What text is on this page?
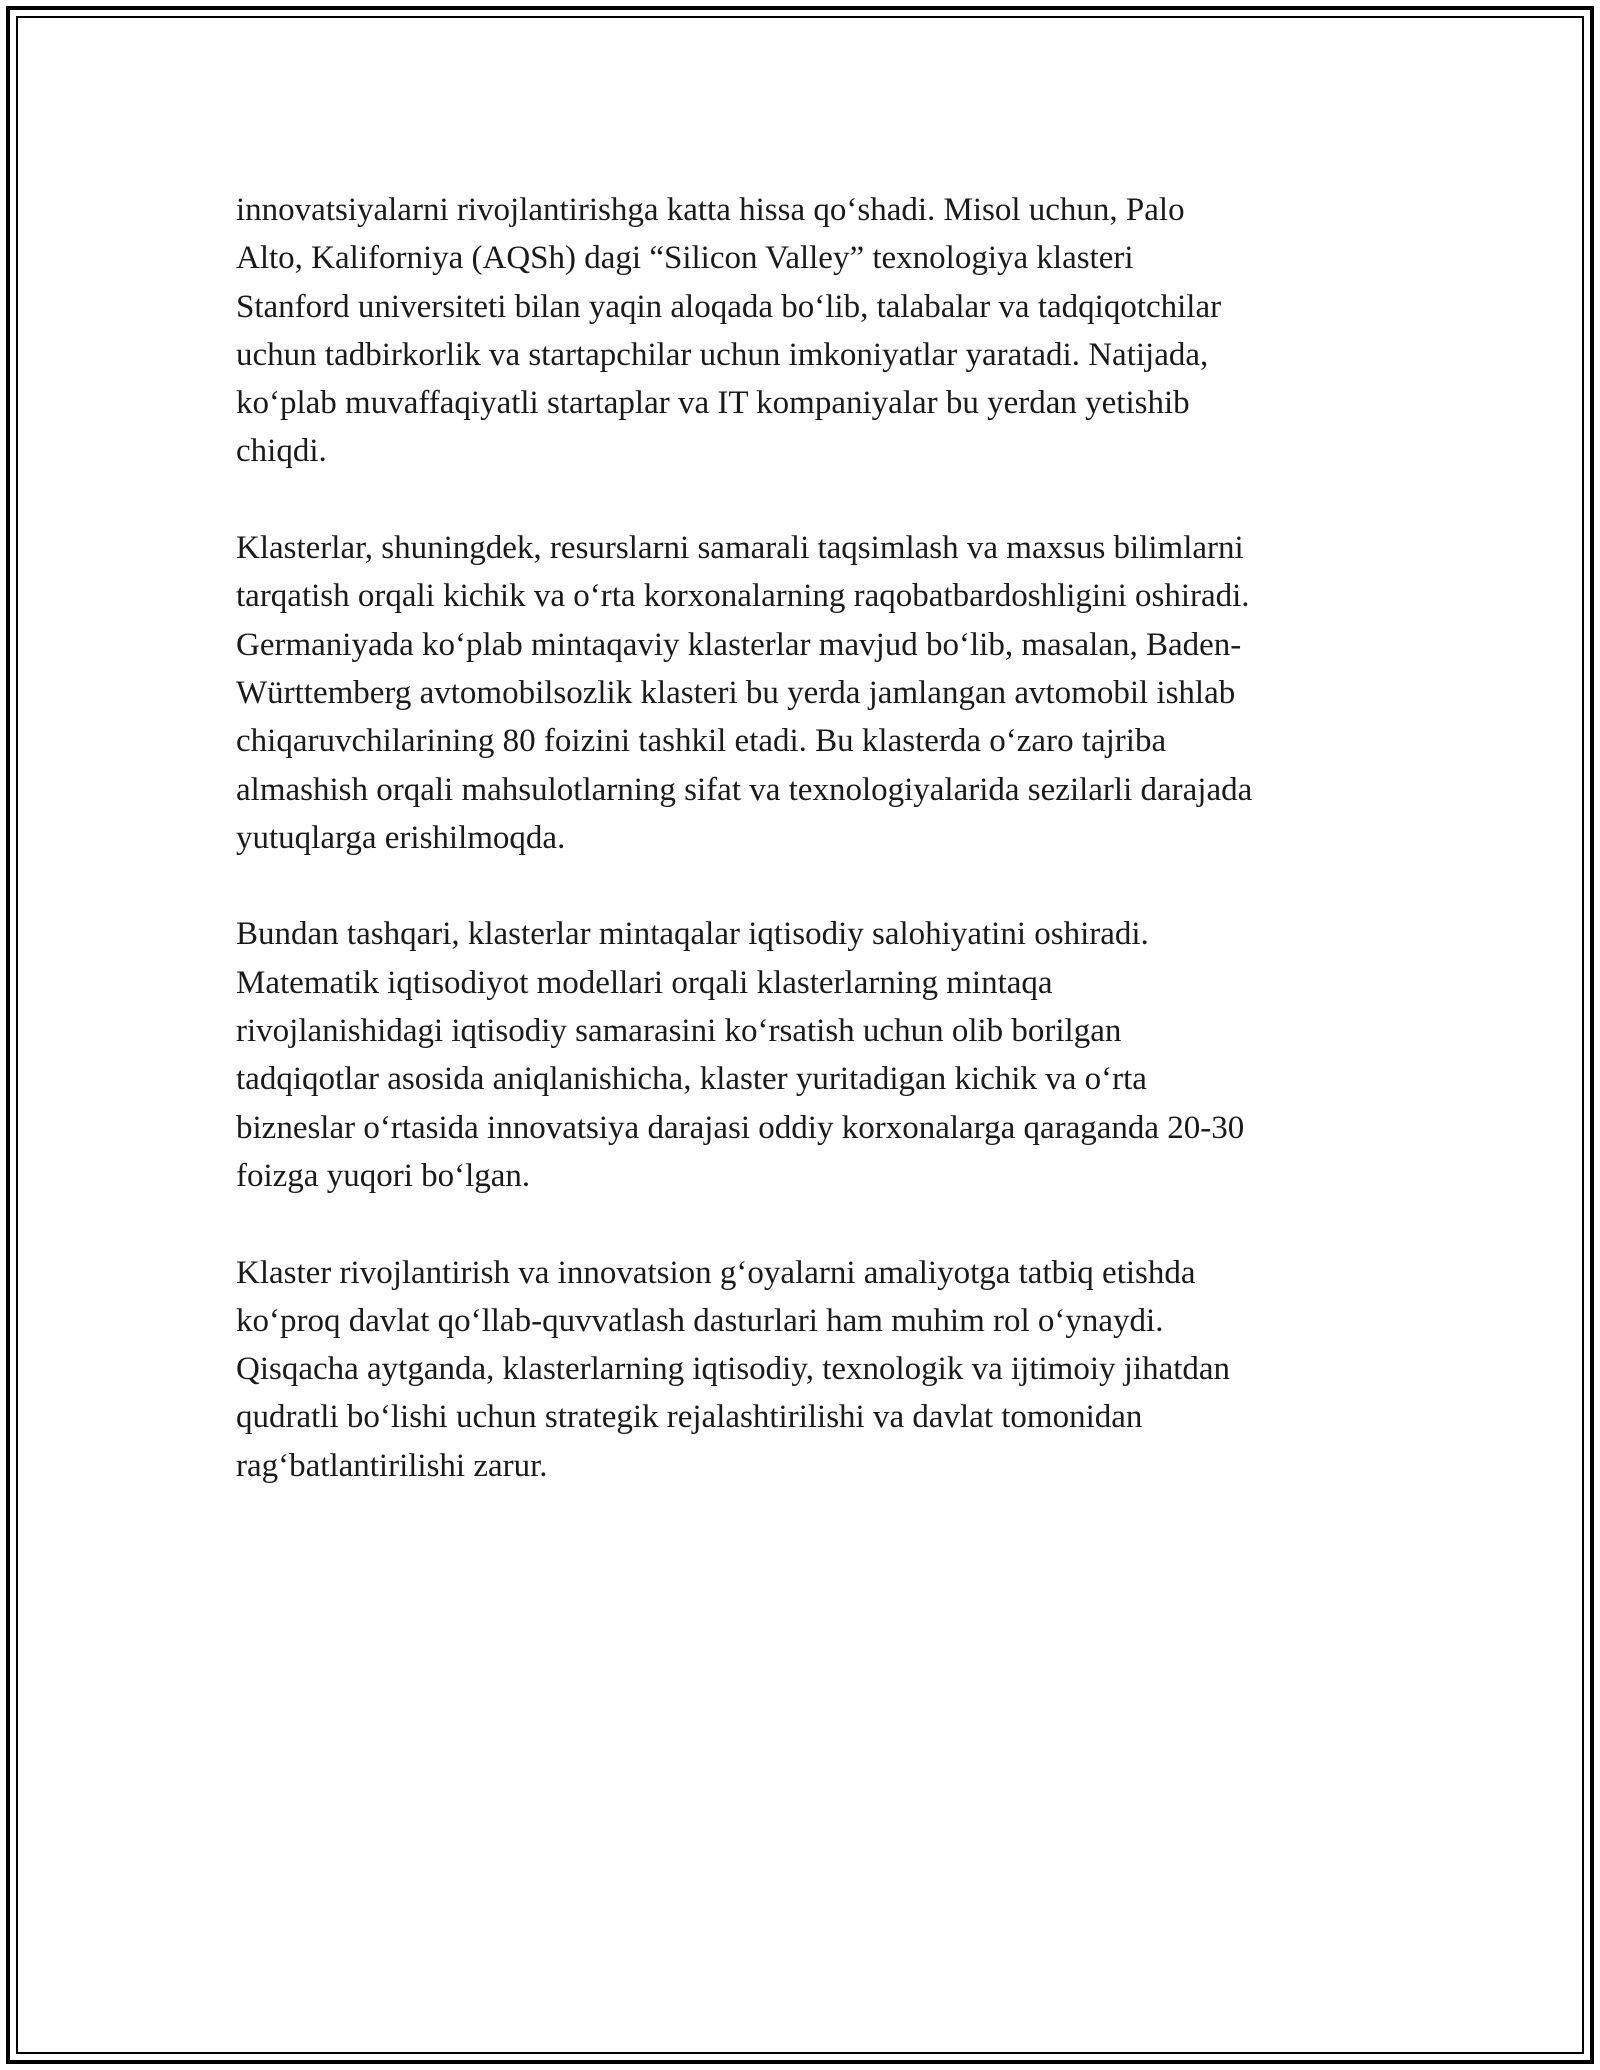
innovatsiyalarni rivojlantirishga katta hissa qo‘shadi. Misol uchun, Palo
Alto, Kaliforniya (AQSh) dagi “Silicon Valley” texnologiya klasteri
Stanford universiteti bilan yaqin aloqada bo‘lib, talabalar va tadqiqotchilar
uchun tadbirkorlik va startapchilar uchun imkoniyatlar yaratadi. Natijada,
ko‘plab muvaffaqiyatli startaplar va IT kompaniyalar bu yerdan yetishib
chiqdi.

Klasterlar, shuningdek, resurslarni samarali taqsimlash va maxsus bilimlarni
tarqatish orqali kichik va o‘rta korxonalarning raqobatbardoshligini oshiradi.
Germaniyada ko‘plab mintaqaviy klasterlar mavjud bo‘lib, masalan, Baden-
Württemberg avtomobilsozlik klasteri bu yerda jamlangan avtomobil ishlab
chiqaruvchilarining 80 foizini tashkil etadi. Bu klasterda o‘zaro tajriba
almashish orqali mahsulotlarning sifat va texnologiyalarida sezilarli darajada
yutuqlarga erishilmoqda.

Bundan tashqari, klasterlar mintaqalar iqtisodiy salohiyatini oshiradi.
Matematik iqtisodiyot modellari orqali klasterlarning mintaqa
rivojlanishidagi iqtisodiy samarasini ko‘rsatish uchun olib borilgan
tadqiqotlar asosida aniqlanishicha, klaster yuritadigan kichik va o‘rta
bizneslar o‘rtasida innovatsiya darajasi oddiy korxonalarga qaraganda 20-30
foizga yuqori bo‘lgan.

Klaster rivojlantirish va innovatsion g‘oyalarni amaliyotga tatbiq etishda
ko‘proq davlat qo‘llab-quvvatlash dasturlari ham muhim rol o‘ynaydi.
Qisqacha aytganda, klasterlarning iqtisodiy, texnologik va ijtimoiy jihatdan
qudratli bo‘lishi uchun strategik rejalashtirilishi va davlat tomonidan
rag‘batlantirilishi zarur.
